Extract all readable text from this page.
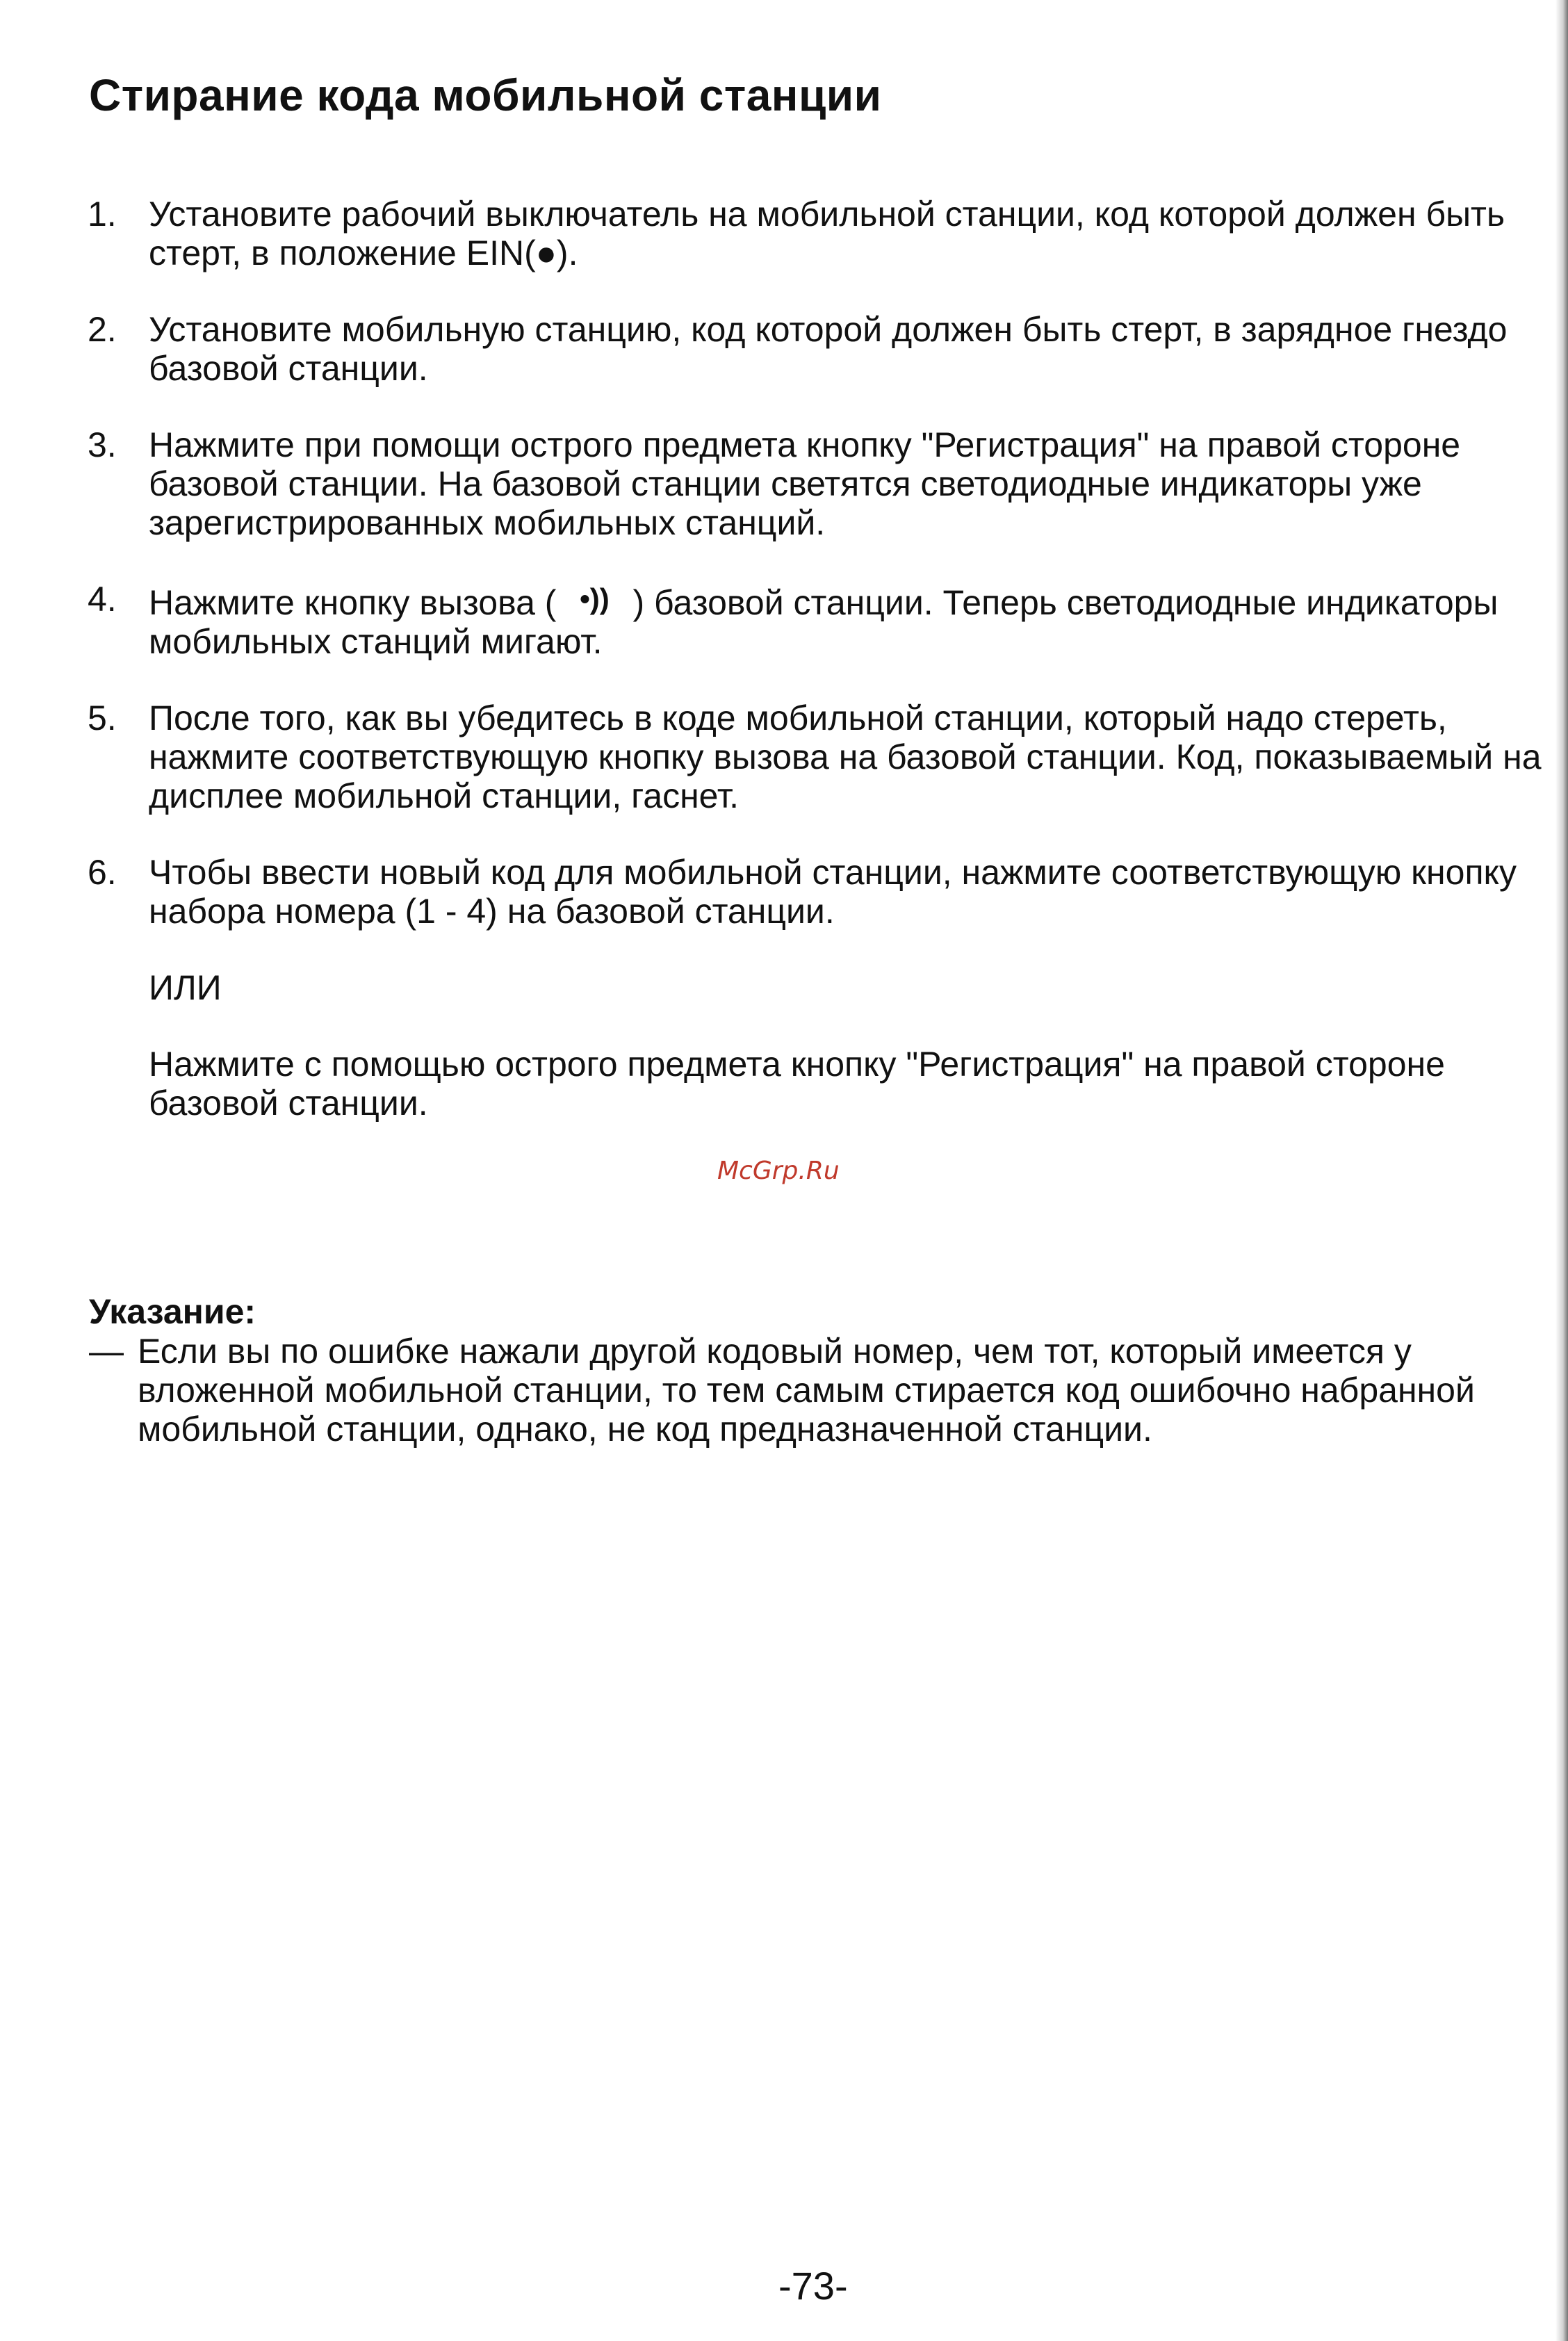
Стирание кода мобильной станции
1. Установите рабочий выключатель на мобильной станции, код которой должен быть стерт, в положение EIN(●).
2. Установите мобильную станцию, код которой должен быть стерт, в зарядное гнездо базовой станции.
3. Нажмите при помощи острого предмета кнопку "Регистрация" на правой стороне базовой станции. На базовой станции светятся светодиодные индикаторы уже зарегистрированных мобильных станций.
4. Нажмите кнопку вызова ( •)) ) базовой станции. Теперь светодиодные индикаторы мобильных станций мигают.
5. После того, как вы убедитесь в коде мобильной станции, который надо стереть, нажмите соответствующую кнопку вызова на базовой станции. Код, показываемый на дисплее мобильной станции, гаснет.
6. Чтобы ввести новый код для мобильной станции, нажмите соответствующую кнопку набора номера (1 - 4) на базовой станции.
ИЛИ
Нажмите с помощью острого предмета кнопку "Регистрация" на правой стороне базовой станции.
McGrp.Ru
Указание:
— Если вы по ошибке нажали другой кодовый номер, чем тот, который имеется у вложенной мобильной станции, то тем самым стирается код ошибочно набранной мобильной станции, однако, не код предназначенной станции.
-73-
